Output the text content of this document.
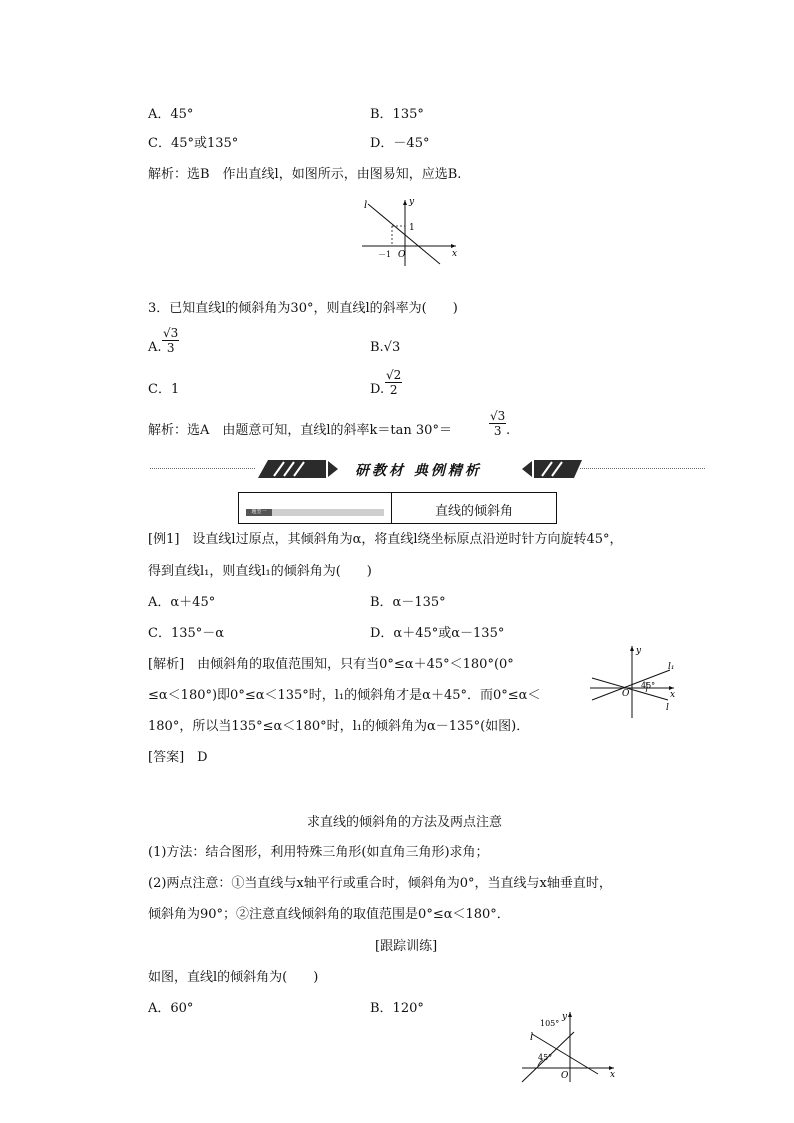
A．45°	B．135°
C．45°或135°	D．－45°
解析：选B　作出直线l，如图所示，由图易知，应选B.
l	y
1
－1 O	x
3．已知直线l的倾斜角为30°，则直线l的斜率为(　　)
A. $\frac{√3}{3}$	B.√3
C．1	D. $\frac{√2}{2}$
解析：选A　由题意可知，直线l的斜率k＝tan 30°＝	$\frac{√3}{3}$ .
研教材 典例精析
题型一	直线的倾斜角
[例1]　设直线l过原点，其倾斜角为α，将直线l绕坐标原点沿逆时针方向旋转45°，
得到直线l₁，则直线l₁的倾斜角为(　　)
A．α＋45°	B．α－135°
C．135°－α	D．α＋45°或α－135°
[解析]　由倾斜角的取值范围知，只有当0°≤α＋45°＜180°(0°
≤α＜180°)即0°≤α＜135°时，l₁的倾斜角才是α＋45°．而0°≤α＜
180°，所以当135°≤α＜180°时，l₁的倾斜角为α－135°(如图)．
[答案]　D
y
l₁
45°
O	x
l
求直线的倾斜角的方法及两点注意
(1)方法：结合图形，利用特殊三角形(如直角三角形)求角；
(2)两点注意：①当直线与x轴平行或重合时，倾斜角为0°，当直线与x轴垂直时，
倾斜角为90°；②注意直线倾斜角的取值范围是0°≤α＜180°．
[跟踪训练]
如图，直线l的倾斜角为(　　)
A．60°	B．120°
y
l
105°
45°
O	x
